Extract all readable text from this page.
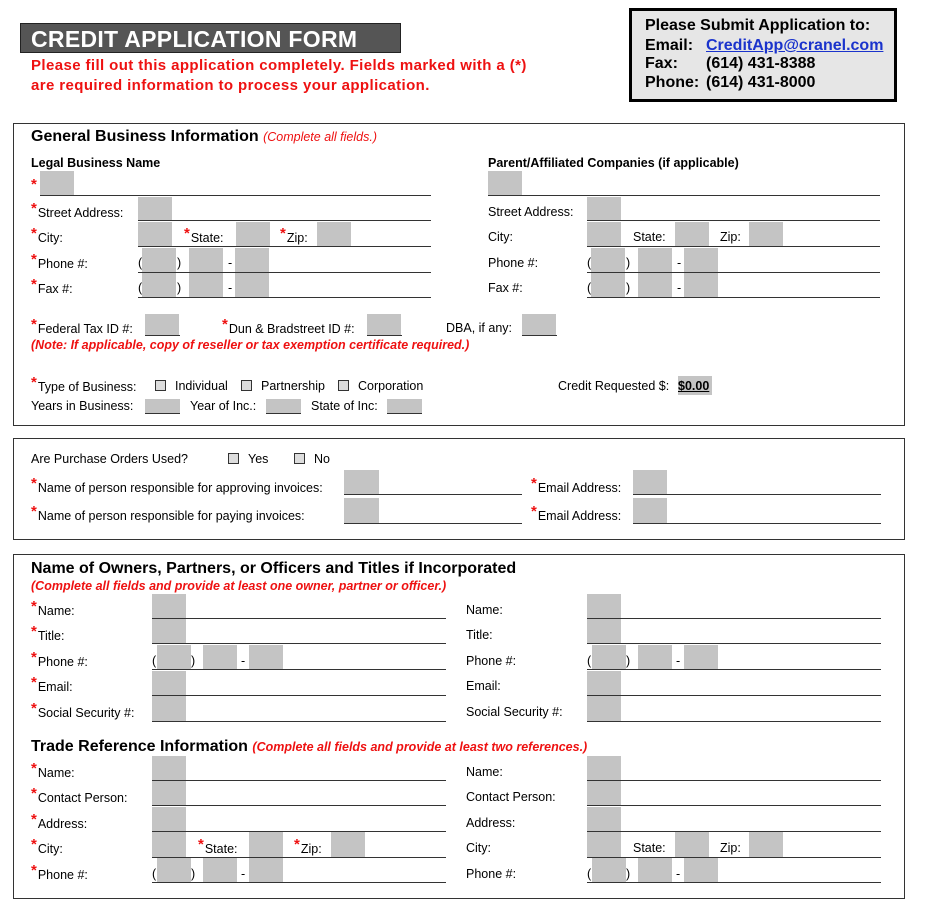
CREDIT APPLICATION FORM
Please fill out this application completely. Fields marked with a (*)
are required information to process your application.
Please Submit Application to:
Email: CreditApp@cranel.com
Fax: (614) 431-8388
Phone: (614) 431-8000
General Business Information (Complete all fields.)
Legal Business Name	Parent/Affiliated Companies (if applicable)
*
*Street Address:	Street Address:
*City:	*State:	*Zip:	City:	State:	Zip:
*Phone #:	(	)	-	Phone #:	(	)	-
*Fax #:	(	)	-	Fax #:	(	)	-
*Federal Tax ID #:	*Dun & Bradstreet ID #:	DBA, if any:
(Note: If applicable, copy of reseller or tax exemption certificate required.)
*Type of Business:	Individual	Partnership	Corporation	Credit Requested $: $0.00
Years in Business:	Year of Inc.:	State of Inc:
Are Purchase Orders Used?	Yes	No
*Name of person responsible for approving invoices:	*Email Address:
*Name of person responsible for paying invoices:	*Email Address:
Name of Owners, Partners, or Officers and Titles if Incorporated
(Complete all fields and provide at least one owner, partner or officer.)
*Name:
*Title:
*Phone #:	(	)	-
*Email:
*Social Security #:
Name:
Title:
Phone #:	(	)	-
Email:
Social Security #:
Trade Reference Information (Complete all fields and provide at least two references.)
*Name:
*Contact Person:
*Address:
*City:	*State:	*Zip:
*Phone #:	(	)	-
Name:
Contact Person:
Address:
City:	State:	Zip:
Phone #:	(	)	-
